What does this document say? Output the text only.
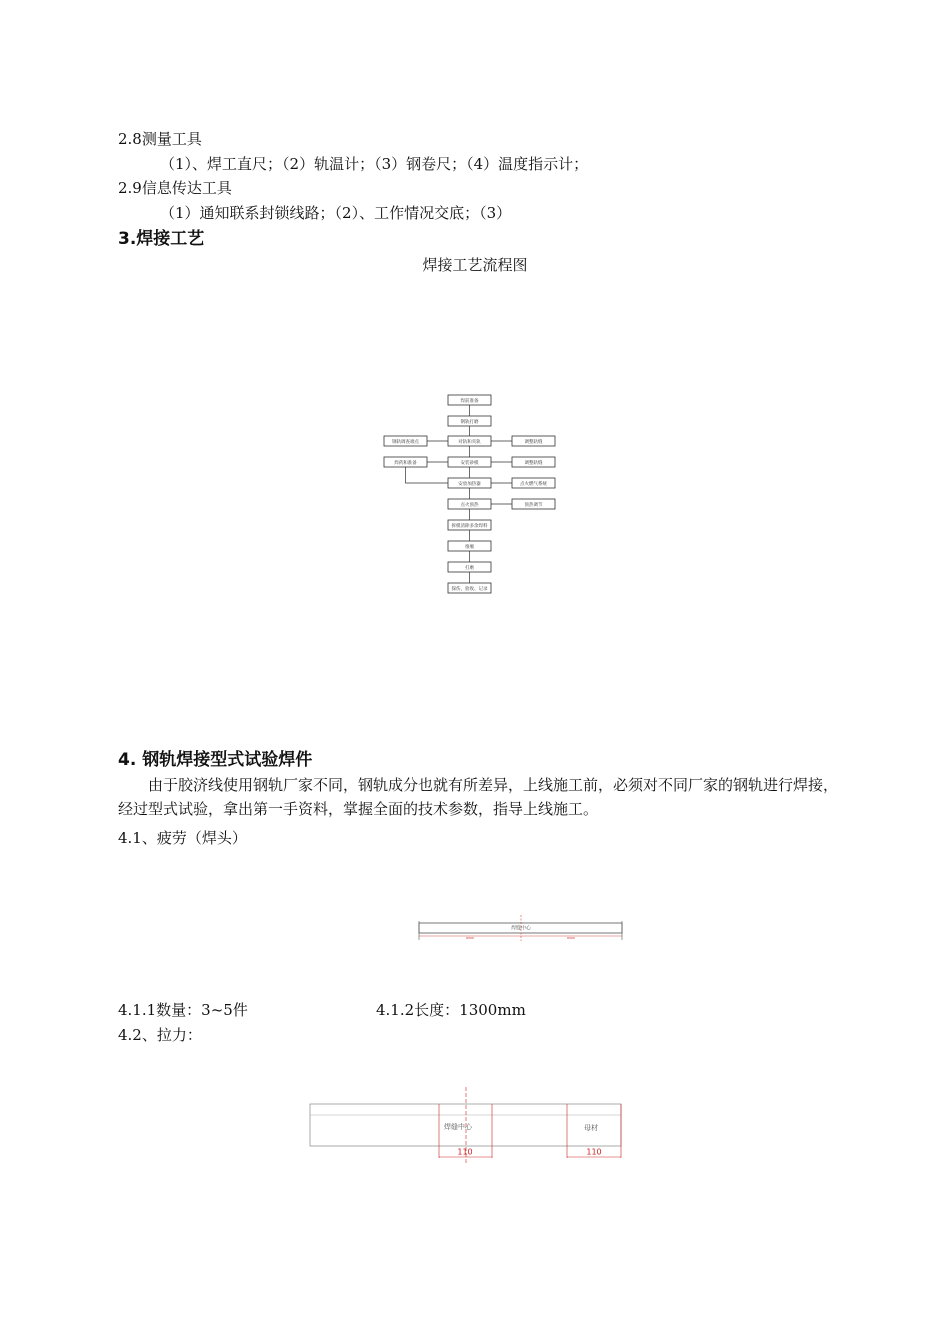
2.8测量工具
（1）、焊工直尺；（2）轨温计；（3）钢卷尺；（4）温度指示计；
2.9信息传达工具
（1）通知联系封锁线路；（2）、工作情况交底；（3）
3.焊接工艺
焊接工艺流程图
焊前准备
钢轨打磨
对轨和夹轨
安装砂模
安放加热器
点火预热
拆模清除多余焊料
推瘤
打磨
探伤、验收、记录
钢轨调查端点
焊药和准备
调整轨缝
调整轨缝
点火燃气系统
预热调节
4. 钢轨焊接型式试验焊件
由于胶济线使用钢轨厂家不同，钢轨成分也就有所差异，上线施工前，必须对不同厂家的钢轨进行焊接，经过型式试验，拿出第一手资料，掌握全面的技术参数，指导上线施工。
4.1、疲劳（焊头）
焊缝中心
6500	6500
4.1.1数量：3~5件	4.1.2长度：1300mm
4.2、拉力：
焊缝中心	母材
110	110
